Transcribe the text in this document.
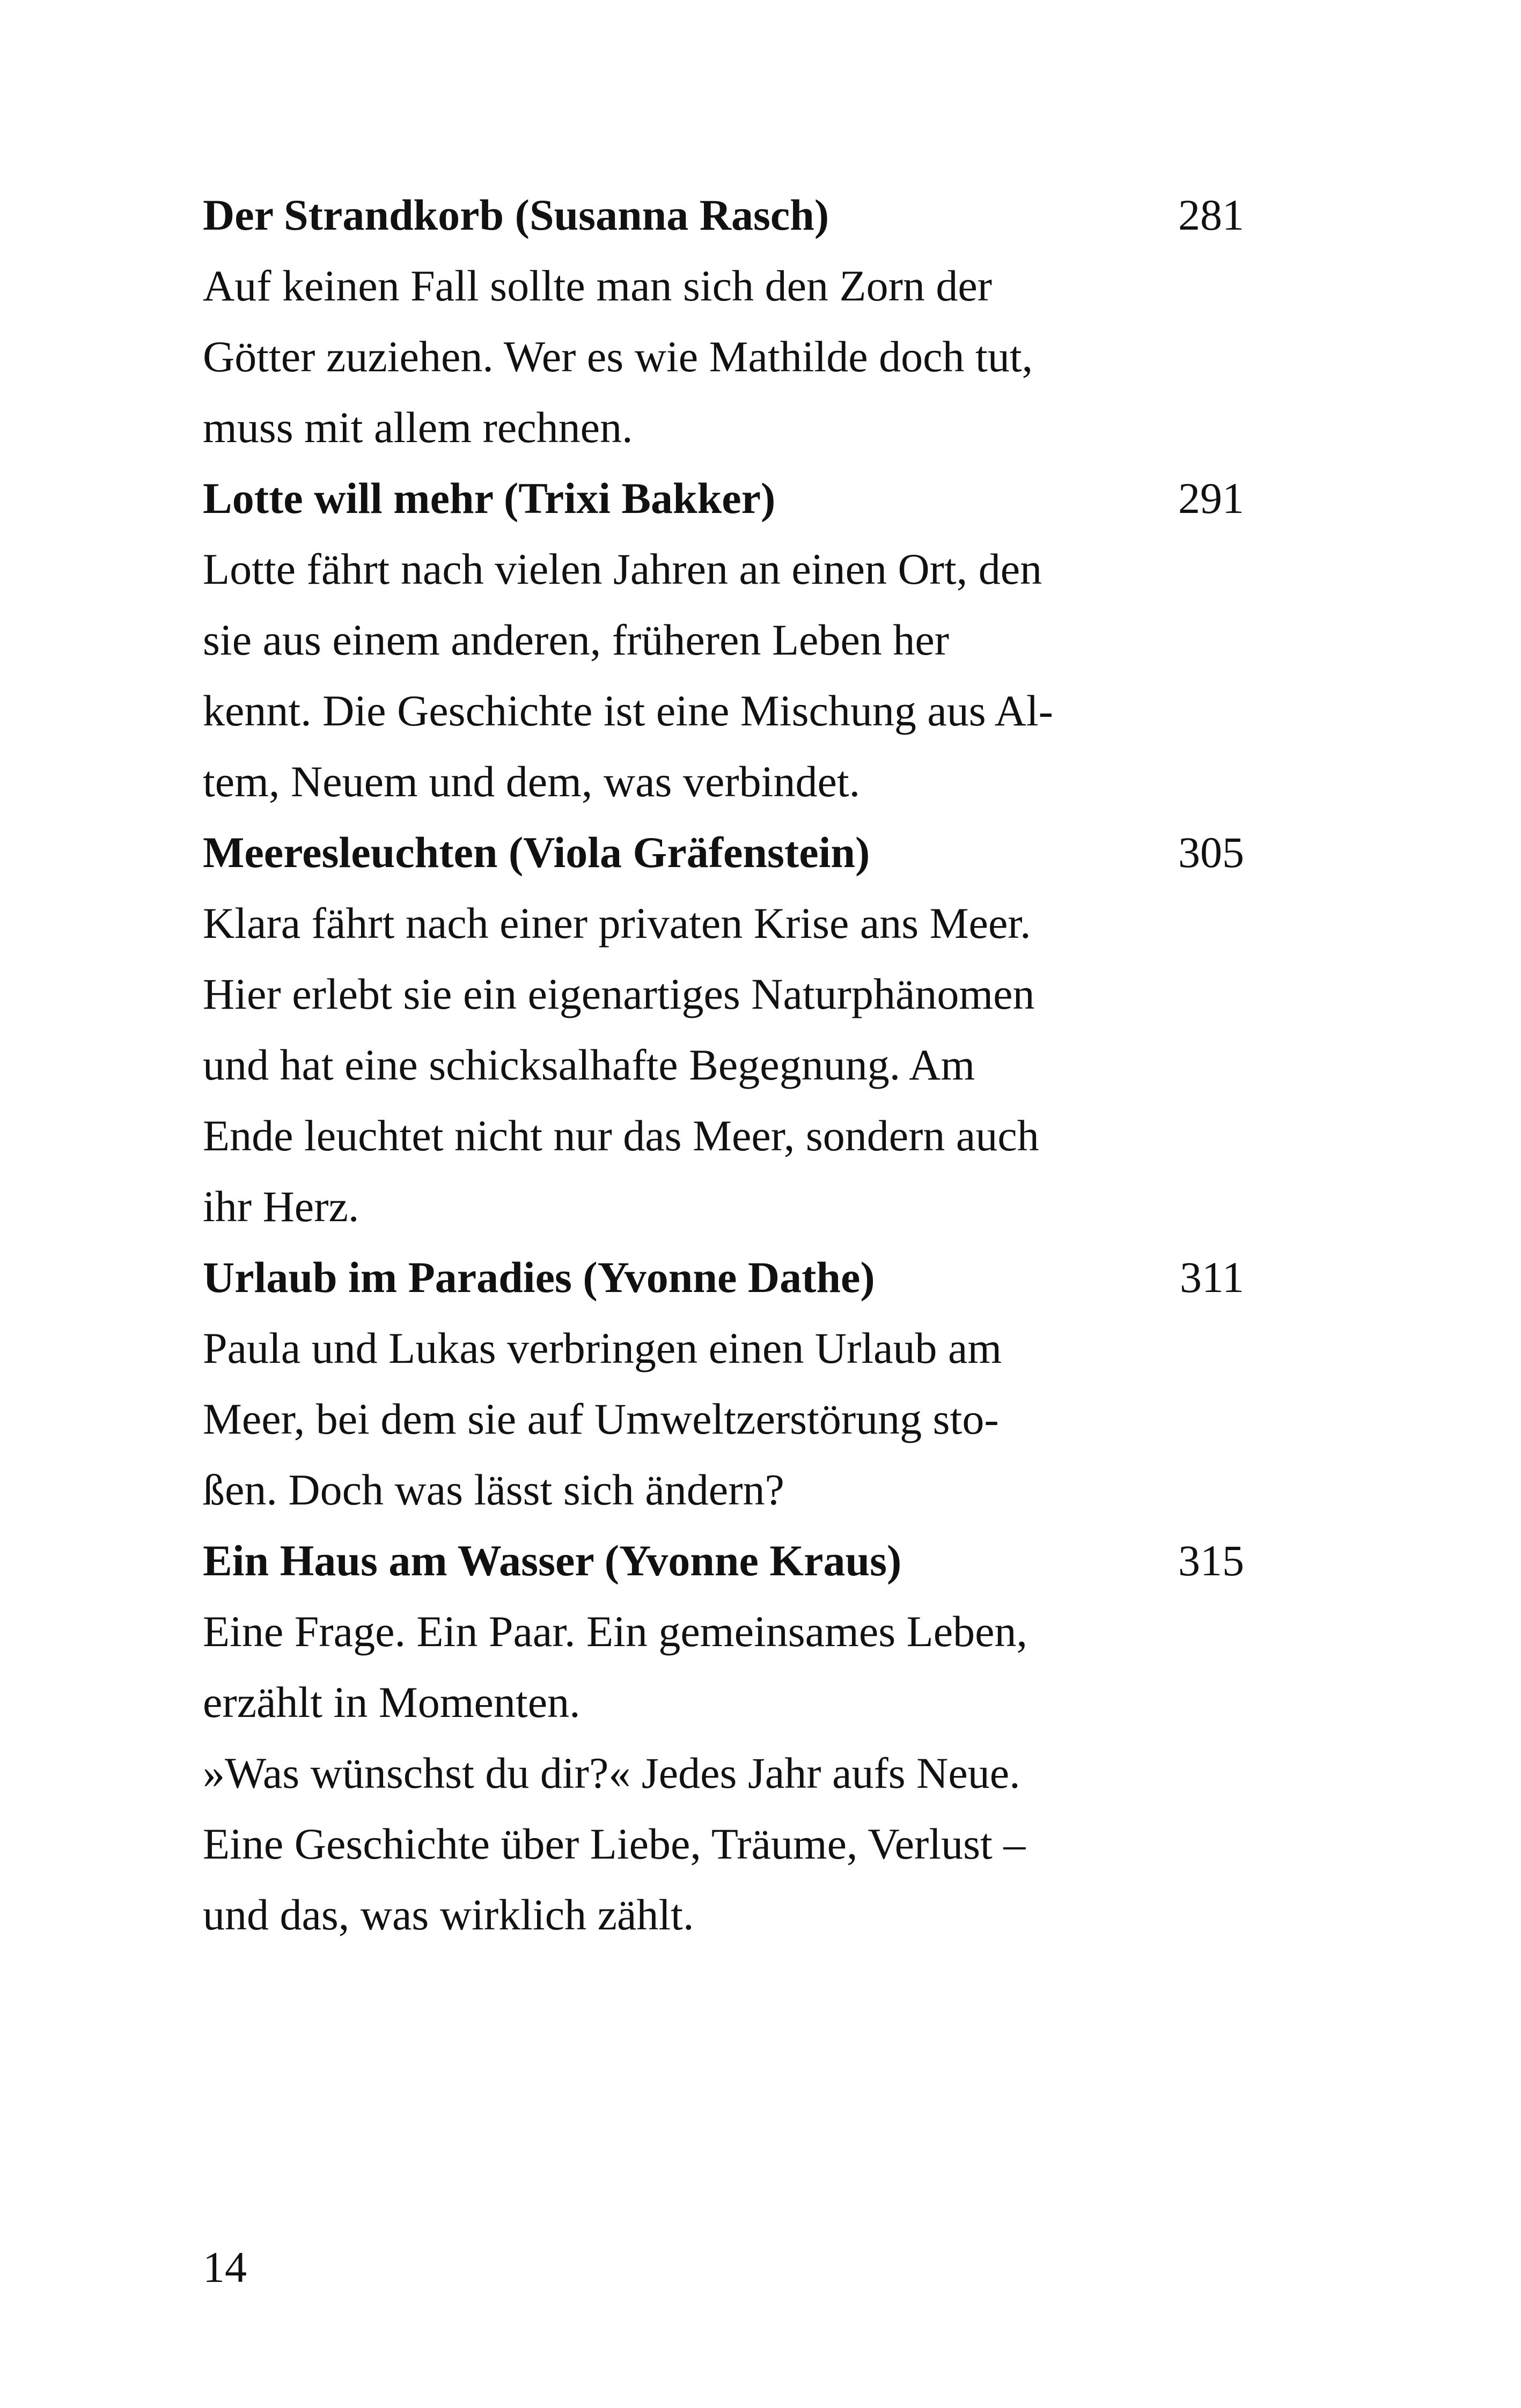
Der Strandkorb (Susanna Rasch)	281
Auf keinen Fall sollte man sich den Zorn der
Götter zuziehen. Wer es wie Mathilde doch tut,
muss mit allem rechnen.
Lotte will mehr (Trixi Bakker)	291
Lotte fährt nach vielen Jahren an einen Ort, den
sie aus einem anderen, früheren Leben her
kennt. Die Geschichte ist eine Mischung aus Al-
tem, Neuem und dem, was verbindet.
Meeresleuchten (Viola Gräfenstein)	305
Klara fährt nach einer privaten Krise ans Meer.
Hier erlebt sie ein eigenartiges Naturphänomen
und hat eine schicksalhafte Begegnung. Am
Ende leuchtet nicht nur das Meer, sondern auch
ihr Herz.
Urlaub im Paradies (Yvonne Dathe)	311
Paula und Lukas verbringen einen Urlaub am
Meer, bei dem sie auf Umweltzerstörung sto-
ßen. Doch was lässt sich ändern?
Ein Haus am Wasser (Yvonne Kraus)	315
Eine Frage. Ein Paar. Ein gemeinsames Leben,
erzählt in Momenten.
»Was wünschst du dir?« Jedes Jahr aufs Neue.
Eine Geschichte über Liebe, Träume, Verlust –
und das, was wirklich zählt.
14
